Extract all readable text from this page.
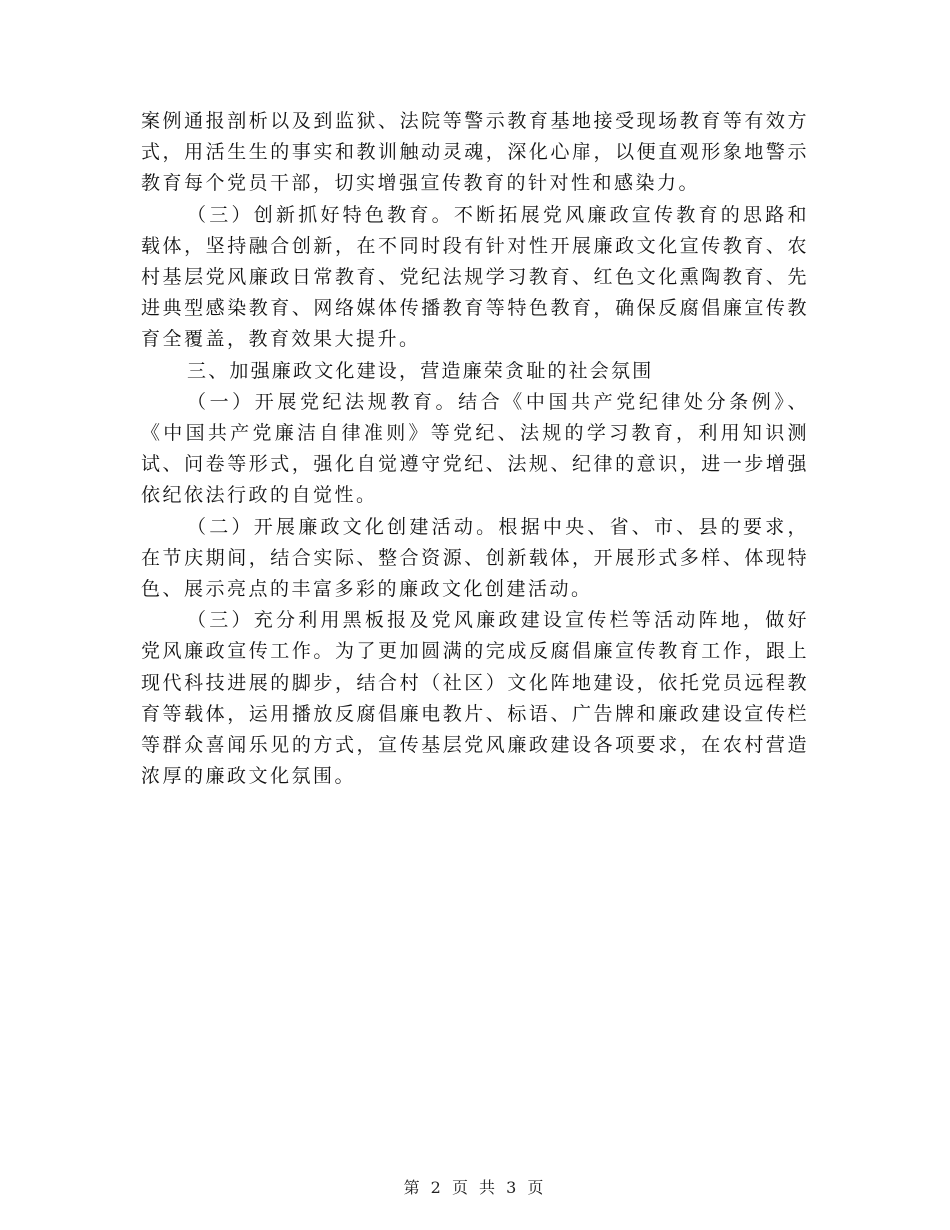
案例通报剖析以及到监狱、法院等警示教育基地接受现场教育等有效方式，用活生生的事实和教训触动灵魂，深化心扉，以便直观形象地警示教育每个党员干部，切实增强宣传教育的针对性和感染力。

（三）创新抓好特色教育。不断拓展党风廉政宣传教育的思路和载体，坚持融合创新，在不同时段有针对性开展廉政文化宣传教育、农村基层党风廉政日常教育、党纪法规学习教育、红色文化熏陶教育、先进典型感染教育、网络媒体传播教育等特色教育，确保反腐倡廉宣传教育全覆盖，教育效果大提升。

三、加强廉政文化建设，营造廉荣贪耻的社会氛围

（一）开展党纪法规教育。结合《中国共产党纪律处分条例》、《中国共产党廉洁自律准则》等党纪、法规的学习教育，利用知识测试、问卷等形式，强化自觉遵守党纪、法规、纪律的意识，进一步增强依纪依法行政的自觉性。

（二）开展廉政文化创建活动。根据中央、省、市、县的要求，在节庆期间，结合实际、整合资源、创新载体，开展形式多样、体现特色、展示亮点的丰富多彩的廉政文化创建活动。

（三）充分利用黑板报及党风廉政建设宣传栏等活动阵地，做好党风廉政宣传工作。为了更加圆满的完成反腐倡廉宣传教育工作，跟上现代科技进展的脚步，结合村（社区）文化阵地建设，依托党员远程教育等载体，运用播放反腐倡廉电教片、标语、广告牌和廉政建设宣传栏等群众喜闻乐见的方式，宣传基层党风廉政建设各项要求，在农村营造浓厚的廉政文化氛围。

第 2 页 共 3 页
